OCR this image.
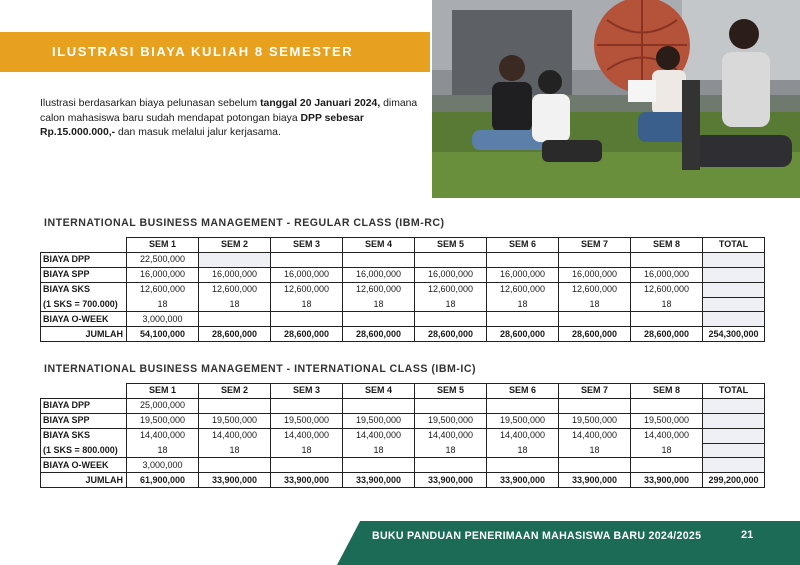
ILUSTRASI BIAYA KULIAH 8 SEMESTER
Ilustrasi berdasarkan biaya pelunasan sebelum tanggal 20 Januari 2024, dimana calon mahasiswa baru sudah mendapat potongan biaya DPP sebesar Rp.15.000.000,- dan masuk melalui jalur kerjasama.
INTERNATIONAL BUSINESS MANAGEMENT - REGULAR CLASS (IBM-RC)
	SEM 1	SEM 2	SEM 3	SEM 4	SEM 5	SEM 6	SEM 7	SEM 8	TOTAL
BIAYA DPP	22,500,000								
BIAYA SPP	16,000,000	16,000,000	16,000,000	16,000,000	16,000,000	16,000,000	16,000,000	16,000,000	
BIAYA SKS	12,600,000	12,600,000	12,600,000	12,600,000	12,600,000	12,600,000	12,600,000	12,600,000	
(1 SKS = 700.000)	18	18	18	18	18	18	18	18	
BIAYA O-WEEK	3,000,000								
JUMLAH	54,100,000	28,600,000	28,600,000	28,600,000	28,600,000	28,600,000	28,600,000	28,600,000	254,300,000
INTERNATIONAL BUSINESS MANAGEMENT - INTERNATIONAL CLASS (IBM-IC)
	SEM 1	SEM 2	SEM 3	SEM 4	SEM 5	SEM 6	SEM 7	SEM 8	TOTAL
BIAYA DPP	25,000,000								
BIAYA SPP	19,500,000	19,500,000	19,500,000	19,500,000	19,500,000	19,500,000	19,500,000	19,500,000	
BIAYA SKS	14,400,000	14,400,000	14,400,000	14,400,000	14,400,000	14,400,000	14,400,000	14,400,000	
(1 SKS = 800.000)	18	18	18	18	18	18	18	18	
BIAYA O-WEEK	3,000,000								
JUMLAH	61,900,000	33,900,000	33,900,000	33,900,000	33,900,000	33,900,000	33,900,000	33,900,000	299,200,000
BUKU PANDUAN PENERIMAAN MAHASISWA BARU 2024/2025	21
